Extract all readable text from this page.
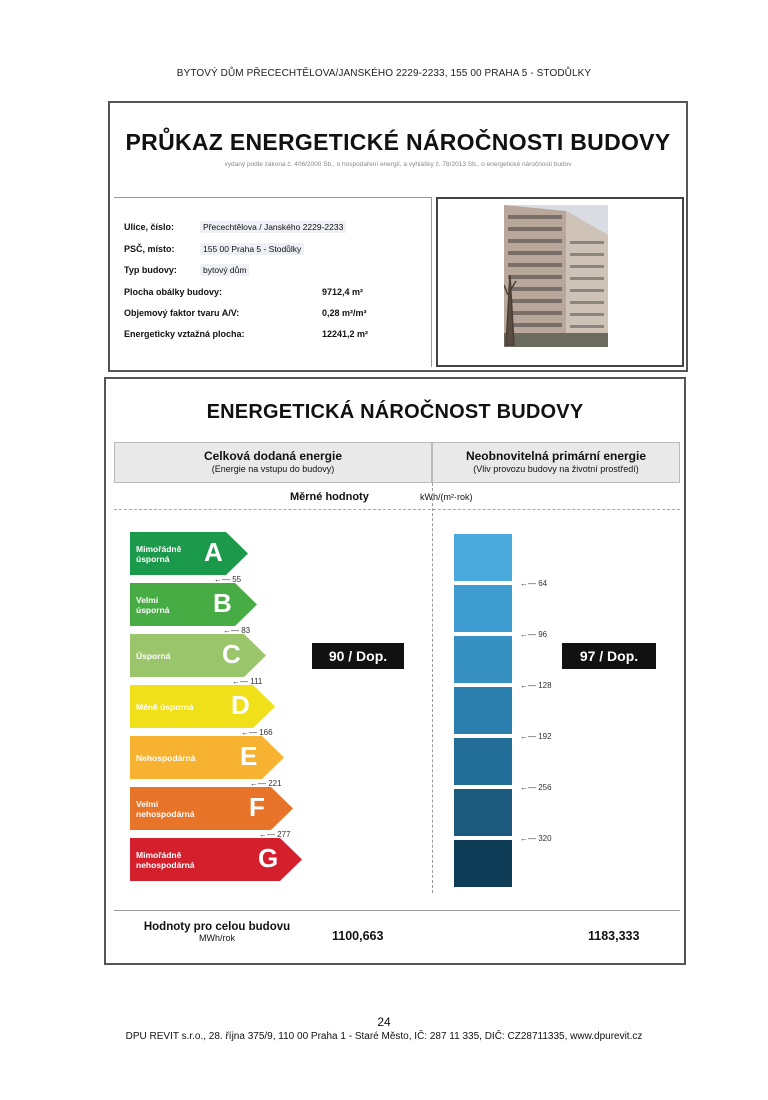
BYTOVÝ DŮM PŘECECHTĚLOVA/JANSKÉHO 2229-2233, 155 00 PRAHA 5 - STODŮLKY
PRŮKAZ ENERGETICKÉ NÁROČNOSTI BUDOVY
vydaný podle zákona č. 406/2000 Sb., o hospodaření energií, a vyhlášky č. 78/2013 Sb., o energetické náročnosti budov
Ulice, číslo:	Přecechtělova / Janského 2229-2233
PSČ, místo:	155 00 Praha 5 - Stodůlky
Typ budovy:	bytový dům
Plocha obálky budovy:	9712,4 m²
Objemový faktor tvaru A/V:	0,28 m²/m³
Energeticky vztažná plocha:	12241,2 m²
ENERGETICKÁ NÁROČNOST BUDOVY
Celková dodaná energie
(Energie na vstupu do budovy)
Neobnovitelná primární energie
(Vliv provozu budovy na životní prostředí)
Měrné hodnoty	kWh/(m²·rok)
Mimořádně
úsporná	A
Velmi
úsporná B
Úsporná C
Méně úsporná D
Nehospodárná E
Velmi
nehospodárná F
Mimořádně
nehospodárná G
←— 55
←— 83
←— 111
←— 166
←— 221
←— 277
←— 64
←— 96
←— 128
←— 192
←— 256
←— 320
90 / Dop.	97 / Dop.
Hodnoty pro celou budovu
MWh/rok	1100,663	1183,333
24
DPU REVIT s.r.o., 28. října 375/9, 110 00 Praha 1 - Staré Město, IČ: 287 11 335, DIČ: CZ28711335, www.dpurevit.cz
